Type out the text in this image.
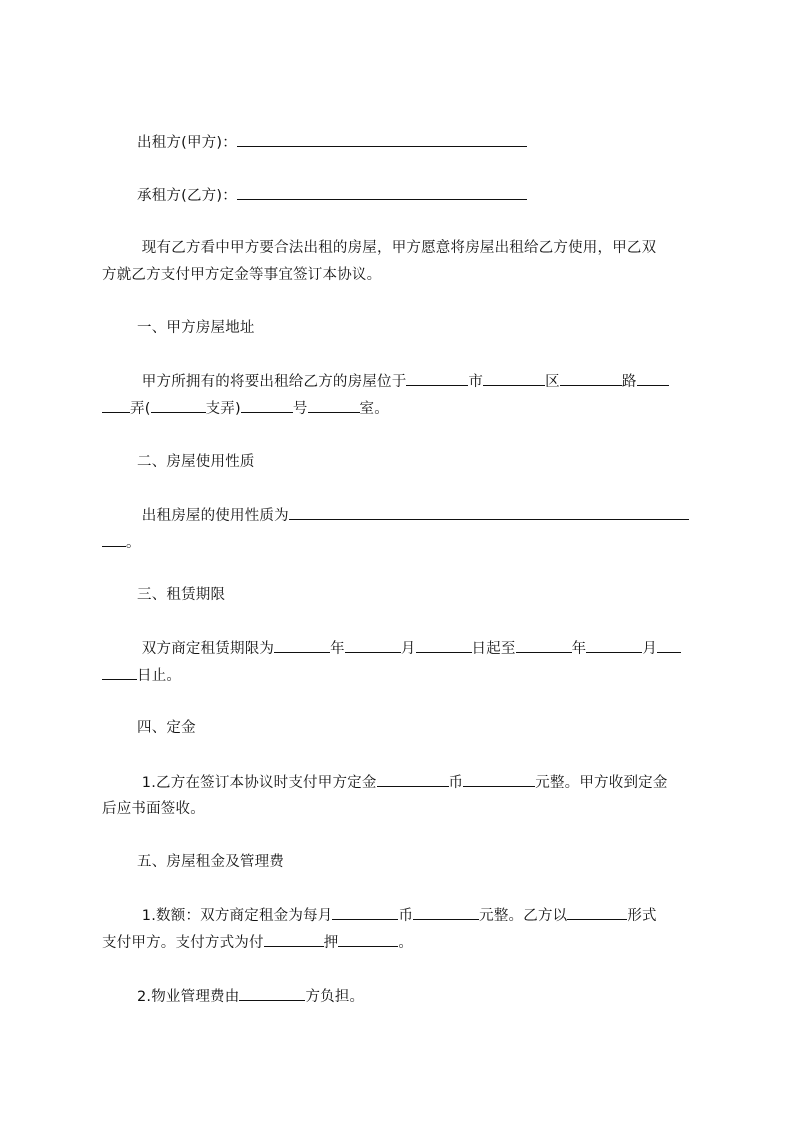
出租方(甲方)：
承租方(乙方)：
现有乙方看中甲方要合法出租的房屋，甲方愿意将房屋出租给乙方使用，甲乙双
方就乙方支付甲方定金等事宜签订本协议。
一、甲方房屋地址
甲方所拥有的将要出租给乙方的房屋位于	市	区	路
弄(	支弄)	号	室。
二、房屋使用性质
出租房屋的使用性质为
。
三、租赁期限
双方商定租赁期限为	年	月	日起至	年	月
日止。
四、定金
1.乙方在签订本协议时支付甲方定金	币	元整。甲方收到定金
后应书面签收。
五、房屋租金及管理费
1.数额：双方商定租金为每月	币	元整。乙方以	形式
支付甲方。支付方式为付	押	。
2.物业管理费由	方负担。
